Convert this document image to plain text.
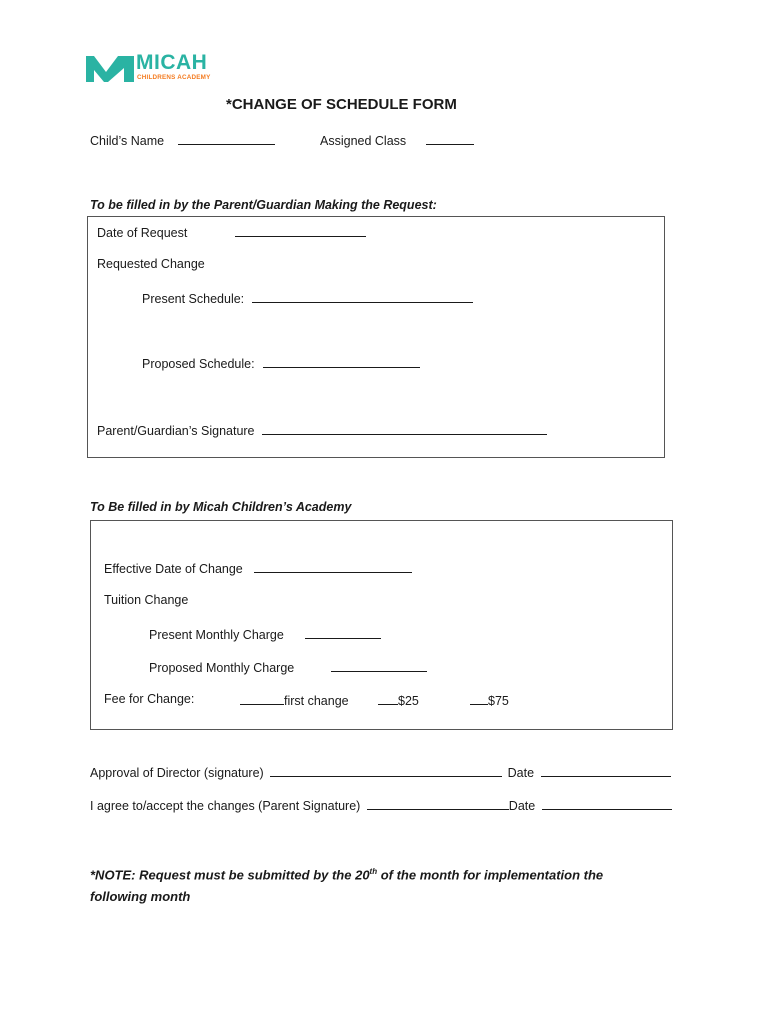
MICAH
CHILDRENS ACADEMY
*CHANGE OF SCHEDULE FORM
Child’s Name	Assigned Class
To be filled in by the Parent/Guardian Making the Request:
Date of Request
Requested Change
Present Schedule:
Proposed Schedule:
Parent/Guardian’s Signature
To Be filled in by Micah Children’s Academy
Effective Date of Change
Tuition Change
Present Monthly Charge
Proposed Monthly Charge
Fee for Change:	first change	$25	$75
Approval of Director (signature)	Date
I agree to/accept the changes (Parent Signature)	Date
*NOTE: Request must be submitted by the 20th of the month for implementation the following month
